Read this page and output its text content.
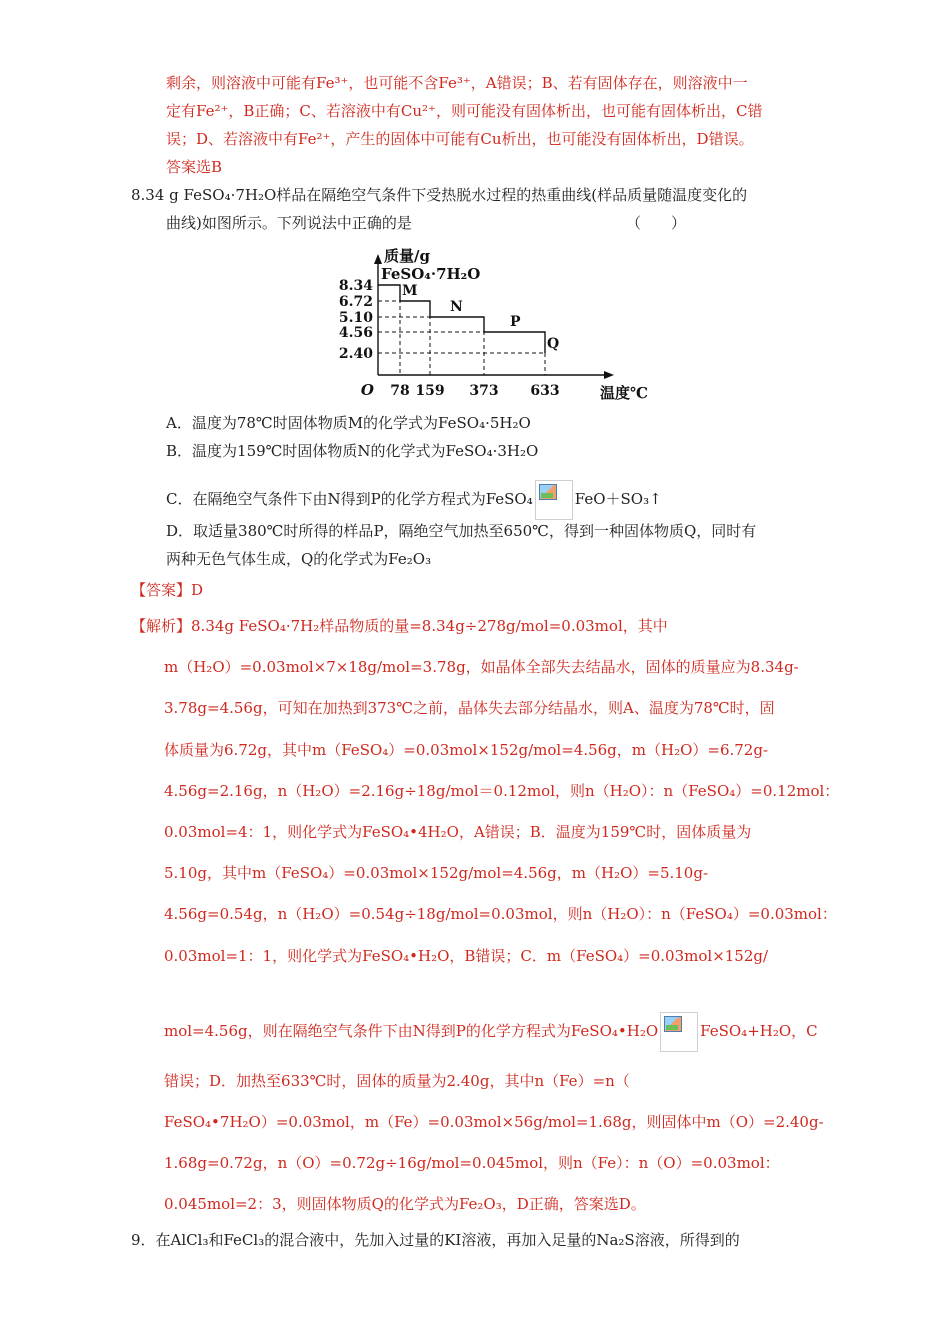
剩余，则溶液中可能有Fe³⁺，也可能不含Fe³⁺，A错误；B、若有固体存在，则溶液中一
定有Fe²⁺，B正确；C、若溶液中有Cu²⁺，则可能没有固体析出，也可能有固体析出，C错
误；D、若溶液中有Fe²⁺，产生的固体中可能有Cu析出，也可能没有固体析出，D错误。
答案选B
8.34 g FeSO₄·7H₂O样品在隔绝空气条件下受热脱水过程的热重曲线(样品质量随温度变化的
曲线)如图所示。下列说法中正确的是	（　　）
质量/g
温度℃
O
8.34
6.72
5.10
4.56
2.40
78 159 373 633
FeSO₄·7H₂O
M
N
P
Q
A．温度为78℃时固体物质M的化学式为FeSO₄·5H₂O
B．温度为159℃时固体物质N的化学式为FeSO₄·3H₂O
C．在隔绝空气条件下由N得到P的化学方程式为FeSO₄	FeO＋SO₃↑
D．取适量380℃时所得的样品P，隔绝空气加热至650℃，得到一种固体物质Q，同时有
两种无色气体生成，Q的化学式为Fe₂O₃
【答案】D
【解析】8.34g FeSO₄·7H₂样品物质的量=8.34g÷278g/mol=0.03mol，其中
m（H₂O）=0.03mol×7×18g/mol=3.78g，如晶体全部失去结晶水，固体的质量应为8.34g-
3.78g=4.56g，可知在加热到373℃之前，晶体失去部分结晶水，则A、温度为78℃时，固
体质量为6.72g，其中m（FeSO₄）=0.03mol×152g/mol=4.56g，m（H₂O）=6.72g-
4.56g=2.16g，n（H₂O）=2.16g÷18g/mol＝0.12mol，则n（H₂O）：n（FeSO₄）=0.12mol：
0.03mol=4：1，则化学式为FeSO₄•4H₂O，A错误；B．温度为159℃时，固体质量为
5.10g，其中m（FeSO₄）=0.03mol×152g/mol=4.56g，m（H₂O）=5.10g-
4.56g=0.54g，n（H₂O）=0.54g÷18g/mol=0.03mol，则n（H₂O）：n（FeSO₄）=0.03mol：
0.03mol=1：1，则化学式为FeSO₄•H₂O，B错误；C．m（FeSO₄）=0.03mol×152g/
mol=4.56g，则在隔绝空气条件下由N得到P的化学方程式为FeSO₄•H₂O	FeSO₄+H₂O，C
错误；D．加热至633℃时，固体的质量为2.40g，其中n（Fe）=n（
FeSO₄•7H₂O）=0.03mol，m（Fe）=0.03mol×56g/mol=1.68g，则固体中m（O）=2.40g-
1.68g=0.72g，n（O）=0.72g÷16g/mol=0.045mol，则n（Fe）：n（O）=0.03mol：
0.045mol=2：3，则固体物质Q的化学式为Fe₂O₃，D正确，答案选D。
9．在AlCl₃和FeCl₃的混合液中，先加入过量的KI溶液，再加入足量的Na₂S溶液，所得到的
